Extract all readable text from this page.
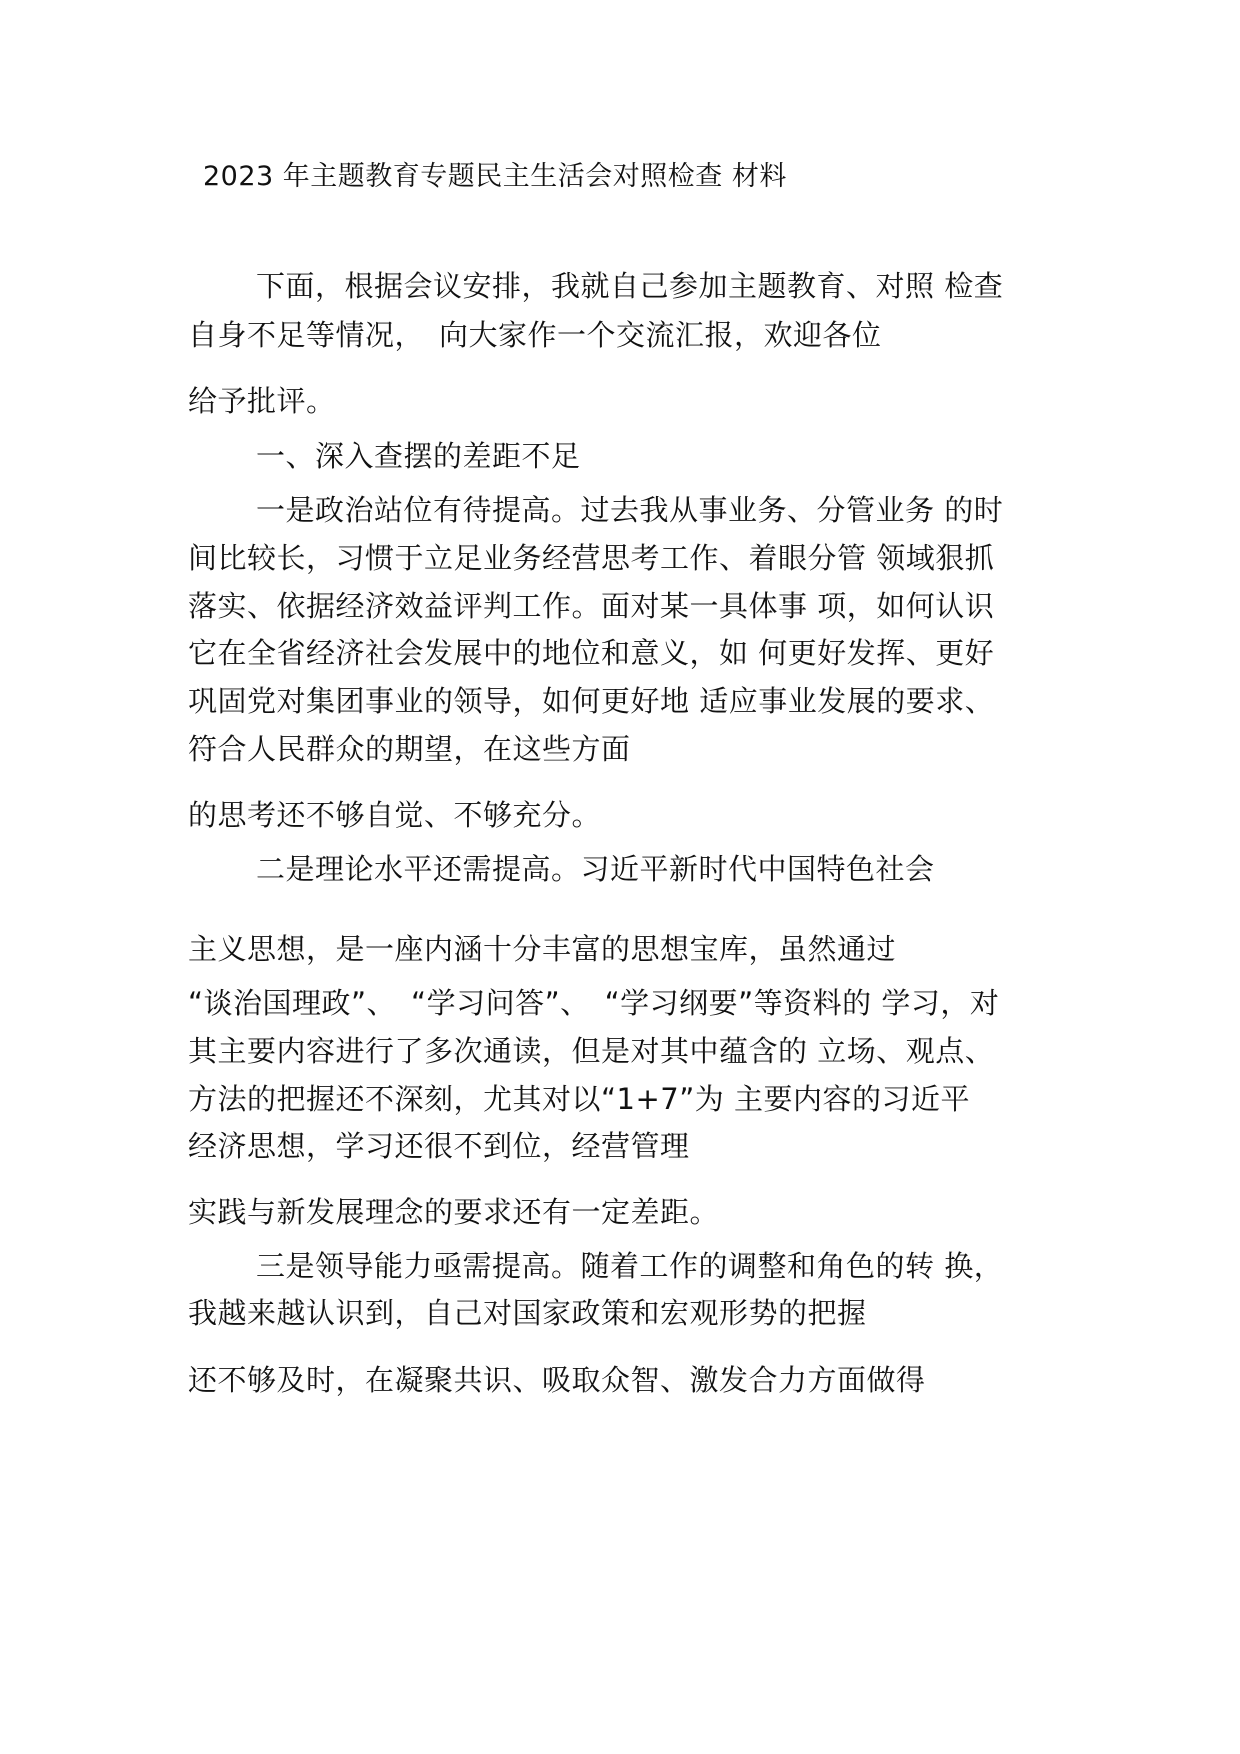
2023 年主题教育专题民主生活会对照检查 材料
下面，根据会议安排，我就自己参加主题教育、对照 检查
自身不足等情况，　向大家作一个交流汇报，欢迎各位
给予批评。
一、深入查摆的差距不足
一是政治站位有待提高。过去我从事业务、分管业务 的时
间比较长，习惯于立足业务经营思考工作、着眼分管 领域狠抓
落实、依据经济效益评判工作。面对某一具体事 项，如何认识
它在全省经济社会发展中的地位和意义，如 何更好发挥、更好
巩固党对集团事业的领导，如何更好地 适应事业发展的要求、
符合人民群众的期望，在这些方面
的思考还不够自觉、不够充分。
二是理论水平还需提高。习近平新时代中国特色社会
主义思想，是一座内涵十分丰富的思想宝库，虽然通过
“谈治国理政”、　“学习问答”、　“学习纲要”等资料的 学习，对
其主要内容进行了多次通读，但是对其中蕴含的 立场、观点、
方法的把握还不深刻，尤其对以“1+7”为 主要内容的习近平
经济思想，学习还很不到位，经营管理
实践与新发展理念的要求还有一定差距。
三是领导能力亟需提高。随着工作的调整和角色的转 换，
我越来越认识到，自己对国家政策和宏观形势的把握
还不够及时，在凝聚共识、吸取众智、激发合力方面做得
